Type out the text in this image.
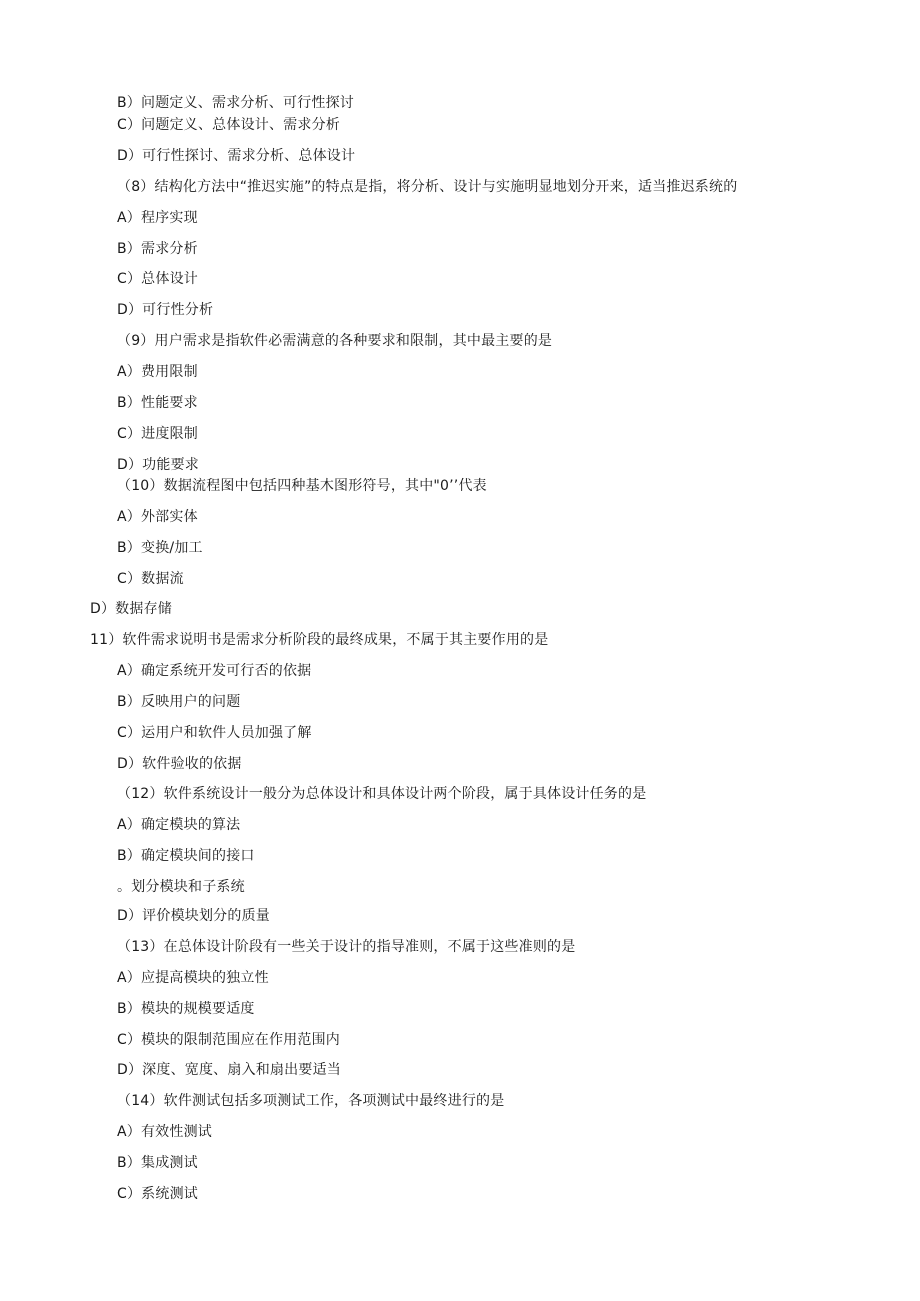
B）问题定义、需求分析、可行性探讨
C）问题定义、总体设计、需求分析
D）可行性探讨、需求分析、总体设计
（8）结构化方法中“推迟实施”的特点是指，将分析、设计与实施明显地划分开来，适当推迟系统的
A）程序实现
B）需求分析
C）总体设计
D）可行性分析
（9）用户需求是指软件必需满意的各种要求和限制，其中最主要的是
A）费用限制
B）性能要求
C）进度限制
D）功能要求
（10）数据流程图中包括四种基木图形符号，其中"0’’代表
A）外部实体
B）变换/加工
C）数据流
D）数据存储
11）软件需求说明书是需求分析阶段的最终成果，不属于其主要作用的是
A）确定系统开发可行否的依据
B）反映用户的问题
C）运用户和软件人员加强了解
D）软件验收的依据
（12）软件系统设计一般分为总体设计和具体设计两个阶段，属于具体设计任务的是
A）确定模块的算法
B）确定模块间的接口
。划分模块和子系统
D）评价模块划分的质量
（13）在总体设计阶段有一些关于设计的指导准则，不属于这些准则的是
A）应提高模块的独立性
B）模块的规模要适度
C）模块的限制范围应在作用范围内
D）深度、宽度、扇入和扇出要适当
（14）软件测试包括多项测试工作，各项测试中最终进行的是
A）有效性测试
B）集成测试
C）系统测试
